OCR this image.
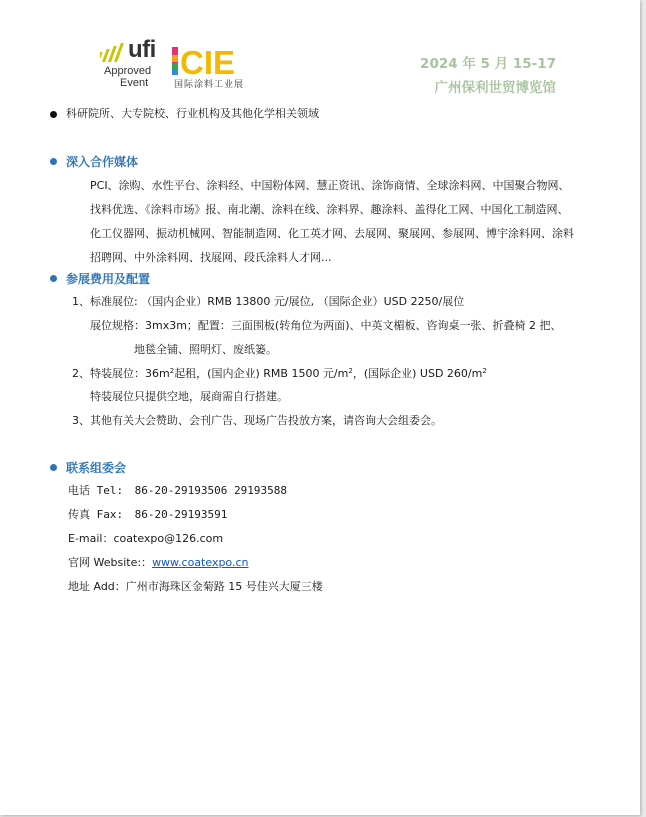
ufi
Approved
Event
CIE
国际涂料工业展
2024 年 5 月 15-17
广州保利世贸博览馆
科研院所、大专院校、行业机构及其他化学相关领域
深入合作媒体
PCI、涂购、水性平台、涂料经、中国粉体网、慧正资讯、涂饰商情、全球涂料网、中国聚合物网、
找料优选、《涂料市场》报、南北潮、涂料在线、涂料界、趣涂料、盖得化工网、中国化工制造网、
化工仪器网、振动机械网、智能制造网、化工英才网、去展网、聚展网、参展网、博宇涂料网、涂料
招聘网、中外涂料网、找展网、段氏涂料人才网...
参展费用及配置
1、标准展位: （国内企业）RMB 13800 元/展位, （国际企业）USD 2250/展位
展位规格：3mx3m；配置：三面围板(转角位为两面)、中英文楣板、咨询桌一张、折叠椅 2 把、
地毯全铺、照明灯、废纸篓。
2、特装展位：$36m^2$起租，(国内企业) RMB 1500 元$/m^2$，(国际企业) USD $260/m^2$
特装展位只提供空地，展商需自行搭建。
3、其他有关大会赞助、会刊广告、现场广告投放方案，请咨询大会组委会。
联系组委会
电话 Tel: 86-20-29193506 29193588
传真 Fax: 86-20-29193591
E-mail：coatexpo@126.com
官网 Website:：www.coatexpo.cn
地址 Add：广州市海珠区金菊路 15 号佳兴大厦三楼
